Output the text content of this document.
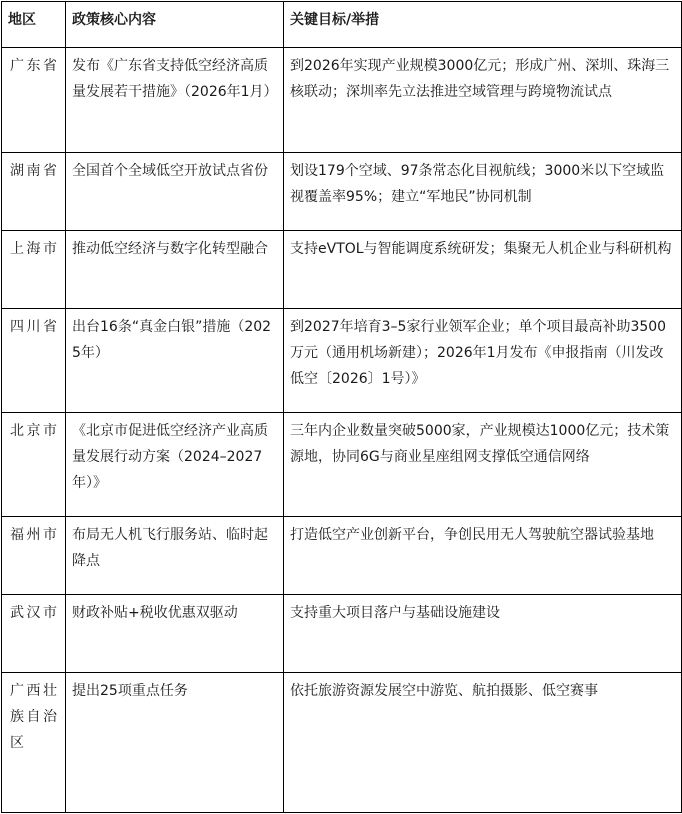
地区	政策核心内容	关键目标/举措
广东省	发布《广东省支持低空经济高质量发展若干措施》（2026年1月）	到2026年实现产业规模3000亿元；形成广州、深圳、珠海三核联动；深圳率先立法推进空域管理与跨境物流试点
湖南省	全国首个全域低空开放试点省份	划设179个空域、97条常态化目视航线；3000米以下空域监视覆盖率95%；建立“军地民”协同机制
上海市	推动低空经济与数字化转型融合	支持eVTOL与智能调度系统研发；集聚无人机企业与科研机构
四川省	出台16条“真金白银”措施（2025年）	到2027年培育3–5家行业领军企业；单个项目最高补助3500万元（通用机场新建）；2026年1月发布《申报指南（川发改低空〔2026〕1号）》
北京市	《北京市促进低空经济产业高质量发展行动方案（2024–2027年）》	三年内企业数量突破5000家，产业规模达1000亿元；技术策源地，协同6G与商业星座组网支撑低空通信网络
福州市	布局无人机飞行服务站、临时起降点	打造低空产业创新平台，争创民用无人驾驶航空器试验基地
武汉市	财政补贴+税收优惠双驱动	支持重大项目落户与基础设施建设
广西壮族自治区	提出25项重点任务	依托旅游资源发展空中游览、航拍摄影、低空赛事
